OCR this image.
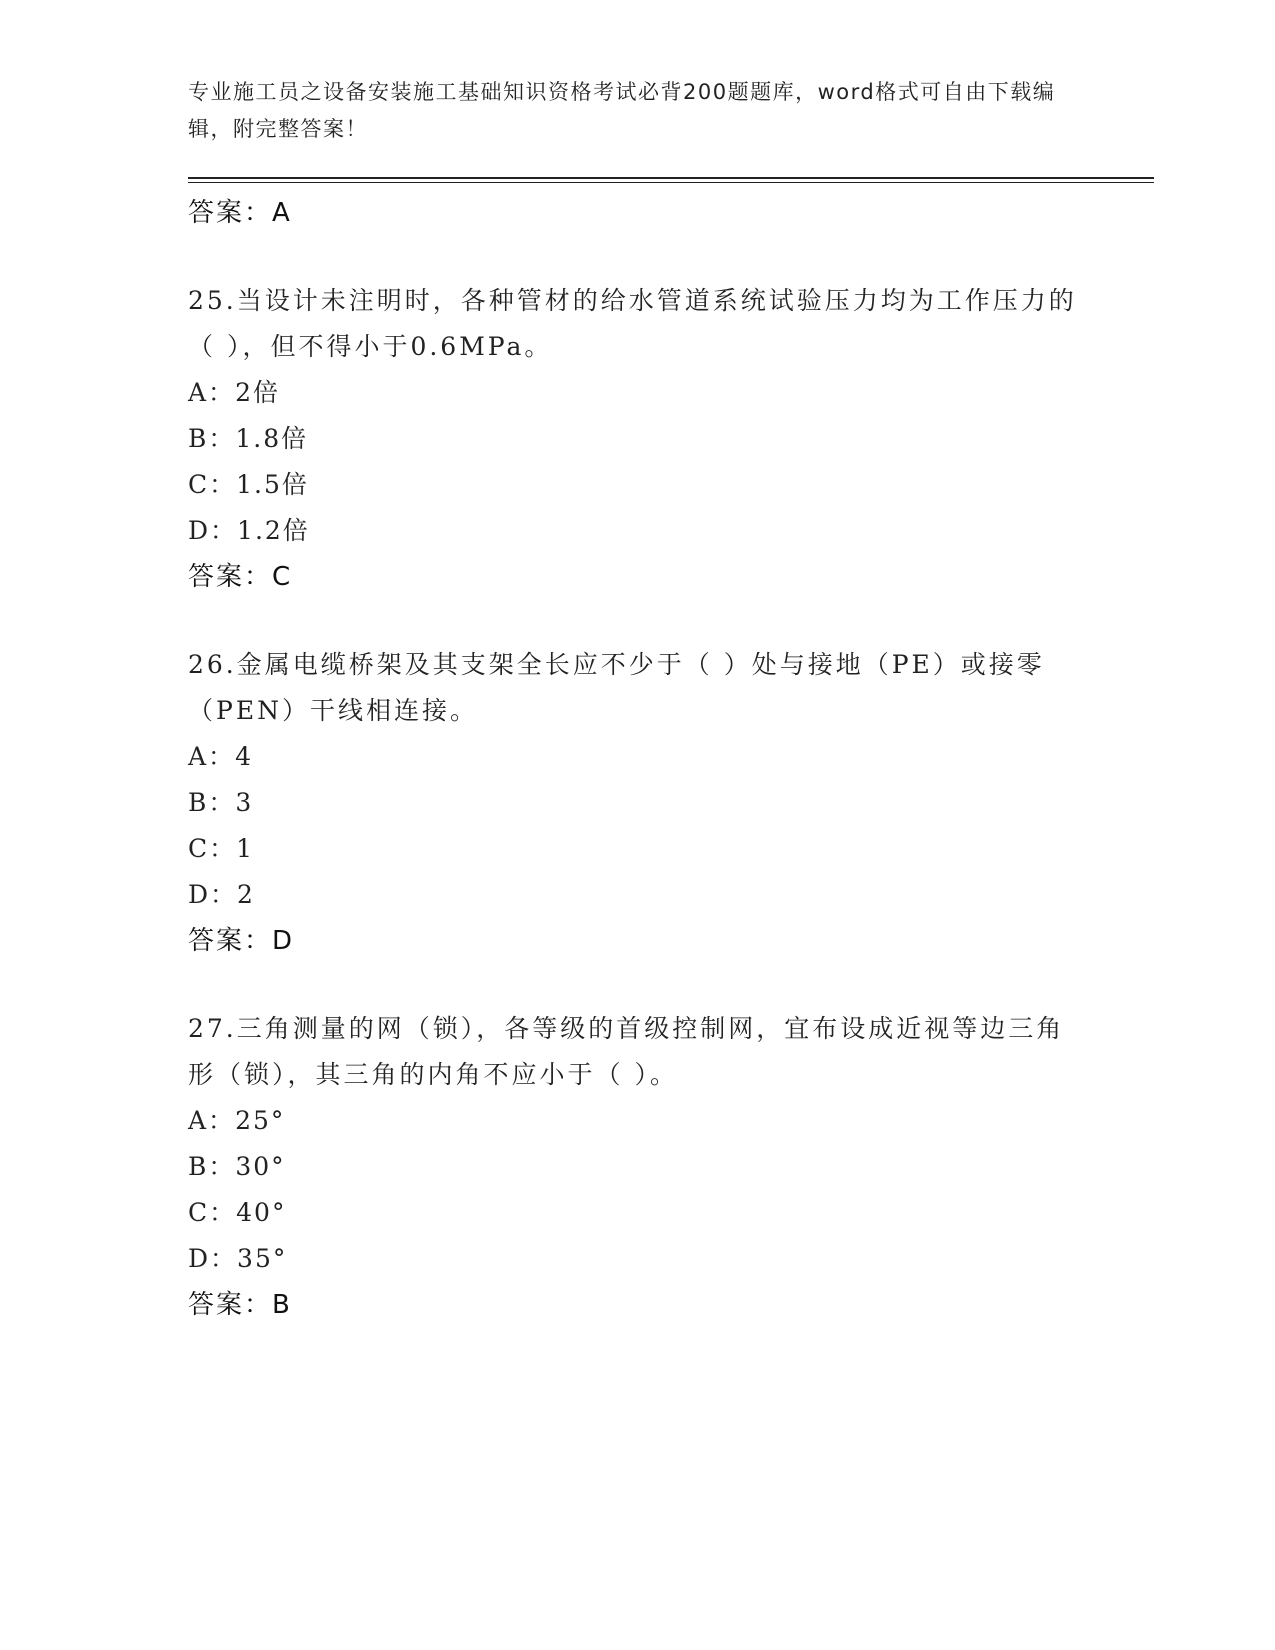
专业施工员之设备安装施工基础知识资格考试必背200题题库，word格式可自由下载编辑，附完整答案！
答案：A

25.当设计未注明时，各种管材的给水管道系统试验压力均为工作压力的（ ），但不得小于0.6MPa。

A：2倍
B：1.8倍
C：1.5倍
D：1.2倍
答案：C

26.金属电缆桥架及其支架全长应不少于（ ）处与接地（PE）或接零（PEN）干线相连接。

A：4
B：3
C：1
D：2
答案：D

27.三角测量的网（锁），各等级的首级控制网，宜布设成近视等边三角形（锁），其三角的内角不应小于（ ）。

A：25°
B：30°
C：40°
D：35°
答案：B
